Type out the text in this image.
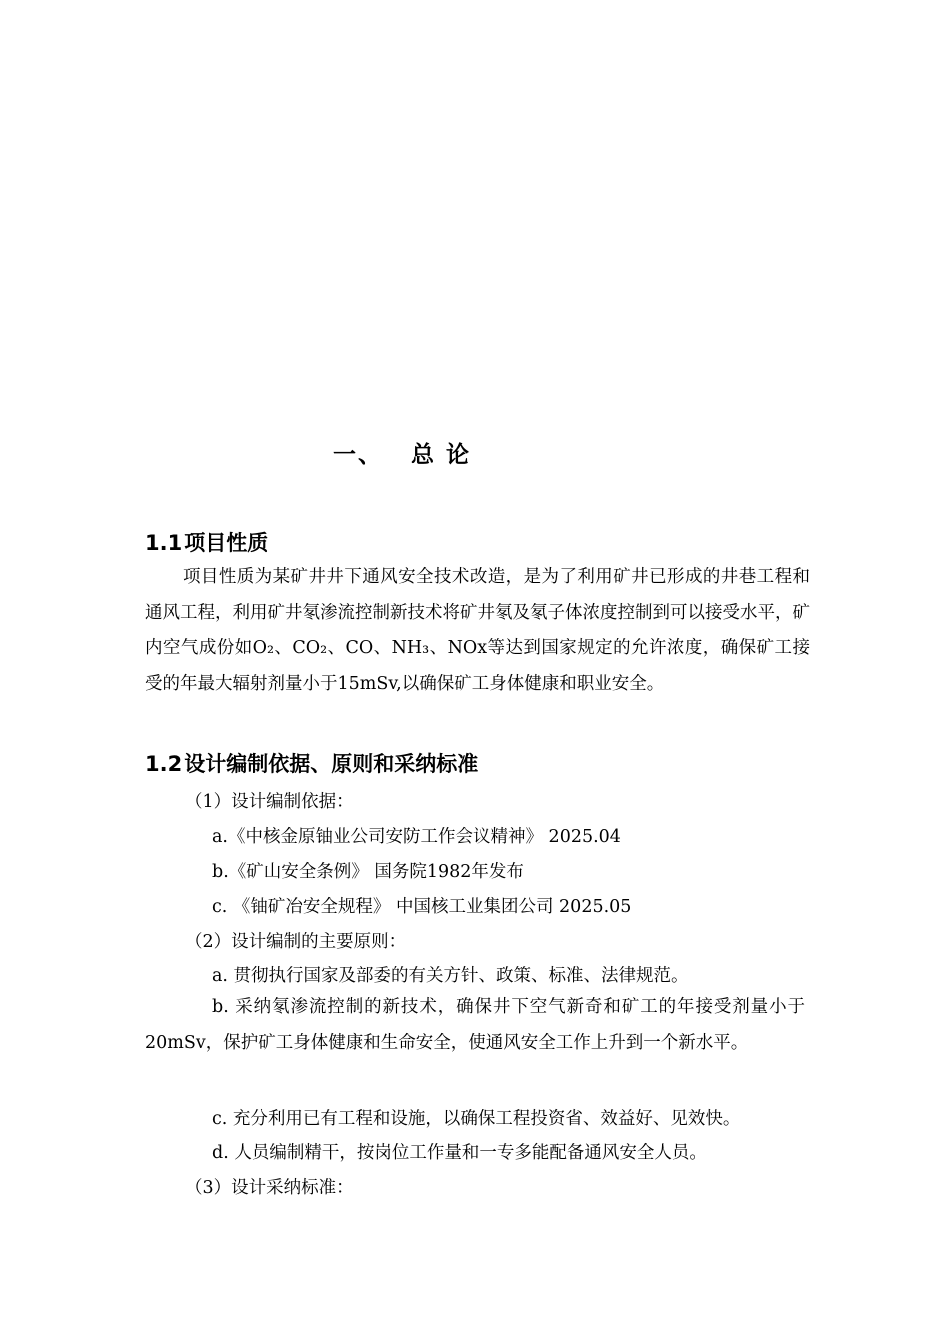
一、 总 论
1.1项目性质

项目性质为某矿井井下通风安全技术改造，是为了利用矿井已形成的井巷工程和通风工程，利用矿井氡渗流控制新技术将矿井氡及氡子体浓度控制到可以接受水平，矿内空气成份如O₂、CO₂、CO、NH₃、NOx等达到国家规定的允许浓度，确保矿工接受的年最大辐射剂量小于15mSv,以确保矿工身体健康和职业安全。

1.2设计编制依据、原则和采纳标准
（1）设计编制依据：
a.《中核金原铀业公司安防工作会议精神》 2025.04
b.《矿山安全条例》 国务院1982年发布
c. 《铀矿冶安全规程》 中国核工业集团公司 2025.05
（2）设计编制的主要原则：
a. 贯彻执行国家及部委的有关方针、政策、标准、法律规范。

b. 采纳氡渗流控制的新技术，确保井下空气新奇和矿工的年接受剂量小于20mSv，保护矿工身体健康和生命安全，使通风安全工作上升到一个新水平。

c. 充分利用已有工程和设施，以确保工程投资省、效益好、见效快。
d. 人员编制精干，按岗位工作量和一专多能配备通风安全人员。
（3）设计采纳标准：
